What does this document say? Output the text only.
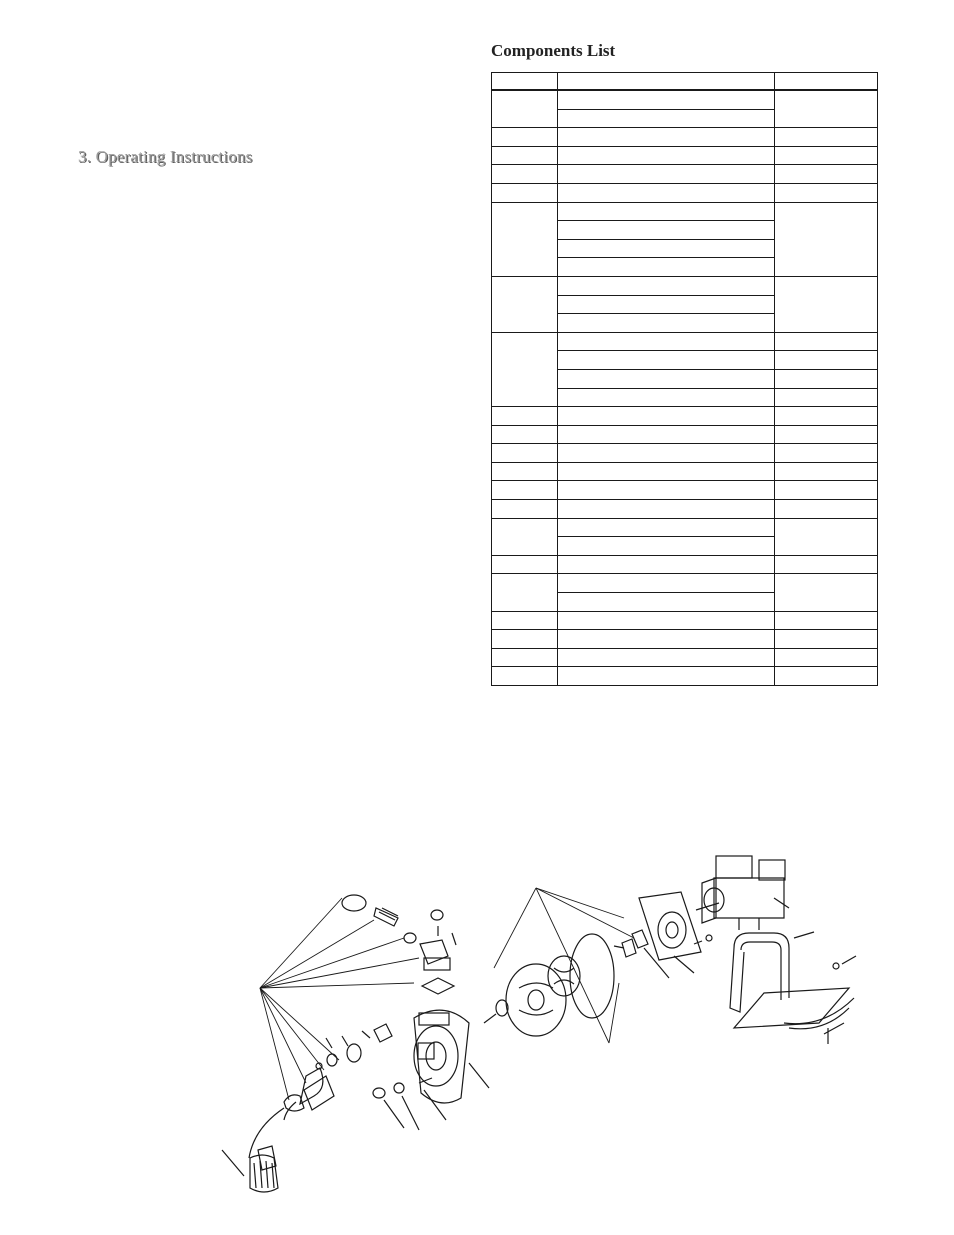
3. Operating Instructions
Components List
